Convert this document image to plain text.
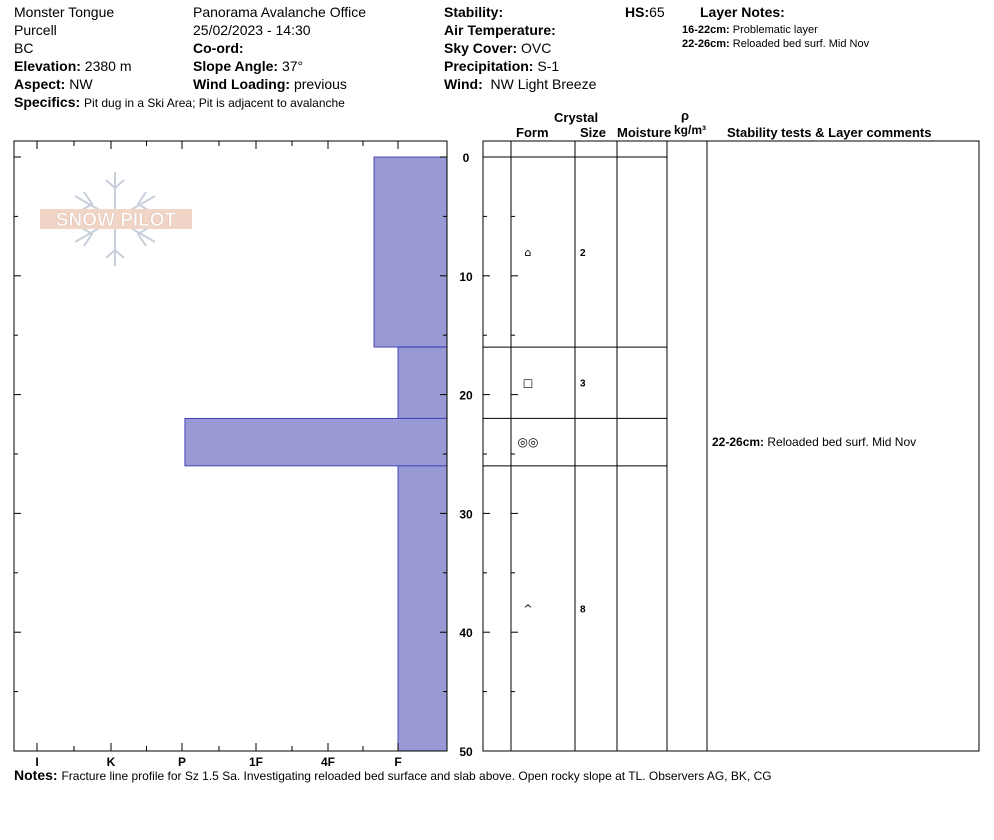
Monster Tongue
Purcell
BC
Elevation: 2380 m
Aspect: NW
Specifics: Pit dug in a Ski Area; Pit is adjacent to avalanche
Panorama Avalanche Office
25/02/2023 - 14:30
Co-ord:
Slope Angle: 37°
Wind Loading: previous
Stability:
Air Temperature:
Sky Cover: OVC
Precipitation: S-1
Wind: NW Light Breeze
HS:65	Layer Notes:
16-22cm: Problematic layer
22-26cm: Reloaded bed surf. Mid Nov
Crystal
Form Size Moisture
ρ
kg/m³ Stability tests & Layer comments
SNOW PILOT
0
10
20
30
40
50
I	K	P	1F	4F	F
22-26cm: Reloaded bed surf. Mid Nov
⌂	2
□	3
◎◎
^	8
Notes: Fracture line profile for Sz 1.5 Sa. Investigating reloaded bed surface and slab above. Open rocky slope at TL. Observers AG, BK, CG
